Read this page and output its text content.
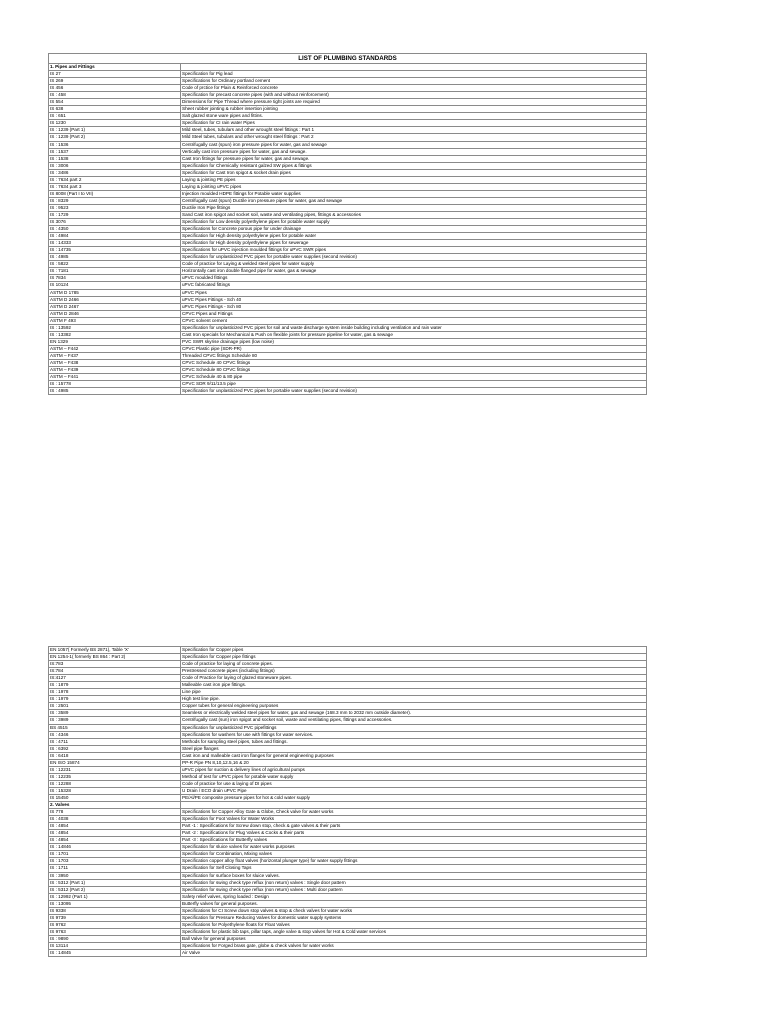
LIST OF PLUMBING STANDARDS	
1. Pipes and Fittings	
IS 27	Specification for Pig lead
IS 269	Specifications for Ordinary portland cement
IS 456	Code of prctice for Plain & Reinforced concrete
IS : 458	Specification for precast concrete pipes (with and without reinforcement)
IS 554	Dimensions for Pipe Thread where pressure tight joints are required
IS 638	Sheet rubber jointing & rubber insertion jointing
IS : 651	Salt glazed stone ware pipes and fittins.
IS 1230	Specification for CI rain water Pipes
IS : 1239 (Part 1)	Mild steel, tubes, tubulars and other wrought steel fittings : Part 1
IS : 1239 (Part 2)	Mild Steel tubes, tubulars and other wrought steel fittings : Part 2
IS : 1536	Centrifugally cast (spun) iron pressure pipes for water, gas and sewage
IS : 1537	Vertically cast iron pressure pipes for water, gas and sewage.
IS : 1538	Cast Iron fittings for pressure pipes for water, gas and sewage.
IS : 3006	Specification for Chemically resistant galzed SW pipes & fittings
IS : 3486	Specification for Cast Iron spigot & socket drain pipes
IS : 7634 part 2	Laying & jointing PE pipes
IS : 7634 part 3	Laying & jointing uPVC pipes
IS 8008 (Part I to VII)	Injection moulded HDPE fittings for Potable water supplies
IS : 8329	Centrifugally cast (spun) Ductile iron pressure pipes for water, gas and sewage
IS : 9523	Ductile Iron Pipe fittings
IS : 1729	Sand Cast iron spigot and socket soil, waste and ventilating pipes, fittings & accessories
IS 3076	Specification for Low density polyethylene pipes for potable water supply
IS : 4350	Specifications for Concrete porous pipe for under drainage
IS : 4984	Specification for High density polyethylene pipes for potable water
IS : 14333	Specification for High density polyethylene pipes for sewerage
IS : 14735	Specifications for uPVC injection moulded fittings for uPVC SWR pipes
IS : 4985	Specification for unplasticized PVC pipes for portable water supplies (second revision)
IS : 5822	Code of practice for Laying & welded steel pipes for water supply
IS : 7181	Horizontally cast iron double flanged pipe for water, gas & sewage
IS 7834	uPVC moulded fittings
IS 10124	uPVC fabricated fittings
ASTM D 1785	uPVC Pipes
ASTM D 2466	uPVC Pipes Fittings - Sch 40
ASTM D 2467	uPVC Pipes Fittings - Sch 80
ASTM D 2846	CPVC Pipes and Fittings
ASTM F 493	CPVC solvent cement
IS : 13592	Specification for unplasticized PVC pipes for soil and waste discharge system inside building including ventilation and rain water
IS : 13382	Cast Iron specials for Mechanical & Push on flexible joints for pressure pipeline for water, gas & sewage
EN 1329	PVC SWR skyrise drainage pipes (low noise)
ASTM – F442	CPVC Plastic pipe (SDR-PR)
ASTM – F437	Threaded CPVC fittings Schedule 80
ASTM – F438	CPVC Schedule 40 CPVC fittings
ASTM – F439	CPVC Schedule 80 CPVC fittings
ASTM – F441	CPVC Schedule 40 & 80 pipe
IS : 15778	CPVC SDR 9/11/13.5 pipe
IS : 4985	Specification for unplasticized PVC pipes for portable water supplies (second revision)
EN 1057( Formerly BS 2871), Table 'X'	Specification for Copper pipes
EN 1254-1( formerly BS 864 : Part 2)	Specification for Copper pipe fittings
IS:783	Code of practice for laying of concrete pipes.
IS:784	Prestressed concrete pipes (including fittings)
IS:4127	Code of Practice for laying of glazed stoneware pipes.
IS : 1879	Malleable cast iron pipe fittings.
IS : 1978	Line pipe
IS : 1979	High test line pipe.
IS : 2501	Copper tubes for general engineering purposes
IS : 3589	Seamless or electrically welded steel pipes for water, gas and sewage (168.3 mm to 2032 mm outside diameter).
IS : 3989	Centrifugally cast (sun) iron spigot and socket soil, waste and ventilating pipes, fittings and accessories.
BS 4515	Specification for unplasticized PVC pipefittings
IS : 4346	Specifications for washers for use with fittings for water services.
IS : 4711	Methods for sampling steel pipes, tubes and fittings.
IS : 6392	Steel pipe flanges
IS : 6418	Cast iron and malleable cast iron flanges for general engineering purposes
EN ISO 15874	PP-R Pipe PN 8,10,12.5,16 & 20
IS : 12231	uPVC pipes for suction & delivery lines of agricultural pumps
IS : 12235	Method of test for uPVC pipes for potable water supply
IS : 12288	Code of practice for use & laying of DI pipes
IS : 15328	U Drain / ECO drain uPVC Pipe
IS 15450	PE/Al/PE composite pressure pipes for hot & cold water supply
2. Valves	
IS 778	Specifications for Copper Alloy Gate & Globe, Check valve for water works
IS : 4038	Specification for Foot Valves for Water Works
IS : 4854	Part -1 : Specifications for Screw down stop, check & gate valves & their parts
IS : 4854	Part -2 : Specifications for Plug Valves & Cocks & their parts
IS : 4854	Part -3 : Specifications for Butterfly valves
IS : 14846	Specification for sluice valves for water works purposes
IS : 1701	Specification for Combination, Mixing valves
IS : 1703	Specification copper alloy float valves (horizontal plunger type) for water supply fittings
IS : 1711	Specification for Self Closing Taps
IS : 3950	Specification for surface boxes for sluice valves.
IS : 5312 (Part 1)	Specification for swing check type reflux (non return) valves : Single door pattern
IS : 5312 (Part 2)	Specification for swing check type reflux (non return) valves : Multi door pattern
IS : 12992 (Part 1)	Safety relief valves, spring loaded : Design
IS : 13095	Butterfly valves for general purposes.
IS 9338	Specifications for CI Screw down stop valves & stop & check valves for water works
IS 9739	Specification for Pressure Reducing Valves for domestic water supply systems
IS 9762	Specifications for Polyethylene floats for Float Valves
IS 9763	Specifications for plastic bib taps, pillar taps, angle valve & stop valves for Hot & Cold water services
IS : 9890	Ball Valve for general purposes
IS 13114	Specifications for Forged brass gate, globe & check valves for water works
IS : 14845	Air Valve
